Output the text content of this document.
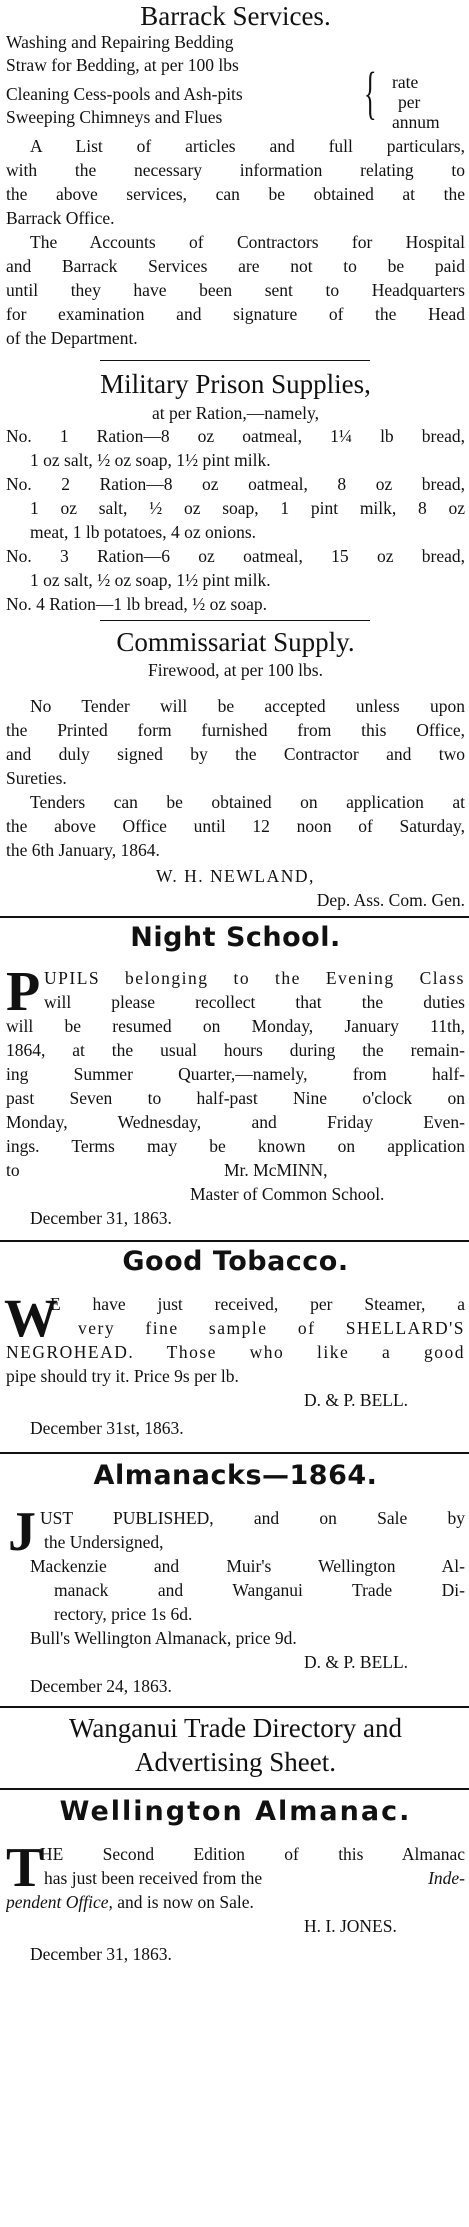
Barrack Services.
Washing and Repairing Bedding
Straw for Bedding, at per 100 lbs
Cleaning Cess-pools and Ash-pits
Sweeping Chimneys and Flues	{ rate
per
annum
A List of articles and full particulars,
with the necessary information relating to
the above services, can be obtained at the
Barrack Office.
The Accounts of Contractors for Hospital
and Barrack Services are not to be paid
until they have been sent to Headquarters
for examination and signature of the Head
of the Department.
Military Prison Supplies,
at per Ration,—namely,
No. 1 Ration—8 oz oatmeal, 1¼ lb bread,
1 oz salt, ½ oz soap, 1½ pint milk.
No. 2 Ration—8 oz oatmeal, 8 oz bread,
1 oz salt, ½ oz soap, 1 pint milk, 8 oz
meat, 1 lb potatoes, 4 oz onions.
No. 3 Ration—6 oz oatmeal, 15 oz bread,
1 oz salt, ½ oz soap, 1½ pint milk.
No. 4 Ration—1 lb bread, ½ oz soap.
Commissariat Supply.
Firewood, at per 100 lbs.
No Tender will be accepted unless upon
the Printed form furnished from this Office,
and duly signed by the Contractor and two
Sureties.
Tenders can be obtained on application at
the above Office until 12 noon of Saturday,
the 6th January, 1864.
W. H. NEWLAND,
Dep. Ass. Com. Gen.
Night School.
P UPILS belonging to the Evening Class
will please recollect that the duties
will be resumed on Monday, January 11th,
1864, at the usual hours during the remain-
ing Summer Quarter,—namely, from half-
past Seven to half-past Nine o'clock on
Monday, Wednesday, and Friday Even-
ings. Terms may be known on application
to	Mr. McMINN,
Master of Common School.
December 31, 1863.
Good Tobacco.
W
E have just received, per Steamer, a
very fine sample of SHELLARD'S
NEGROHEAD. Those who like a good
pipe should try it. Price 9s per lb.
D. & P. BELL.
December 31st, 1863.
Almanacks—1864.
J UST PUBLISHED, and on Sale by
the Undersigned,
Mackenzie and Muir's Wellington Al-
manack and Wanganui Trade Di-
rectory, price 1s 6d.
Bull's Wellington Almanack, price 9d.
D. & P. BELL.
December 24, 1863.
Wanganui Trade Directory and
Advertising Sheet.
Wellington Almanac.
T
HE Second Edition of this Almanac
has just been received from the	Inde-
pendent Office, and is now on Sale.
H. I. JONES.
December 31, 1863.
